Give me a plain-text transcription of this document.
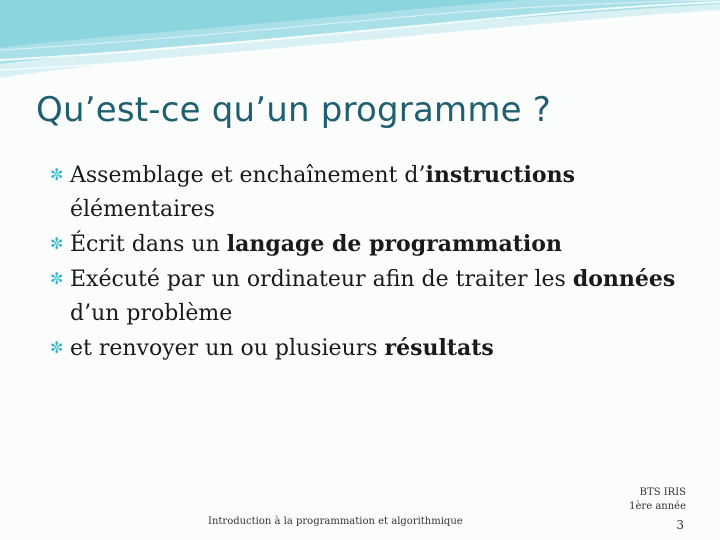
Qu’est-ce qu’un programme ?
✼ Assemblage et enchaînement d’instructions élémentaires
✼ Écrit dans un langage de programmation
✼ Exécuté par un ordinateur afin de traiter les données d’un problème
✼ et renvoyer un ou plusieurs résultats
Introduction à la programmation et algorithmique
BTS IRIS
1ère année
3
